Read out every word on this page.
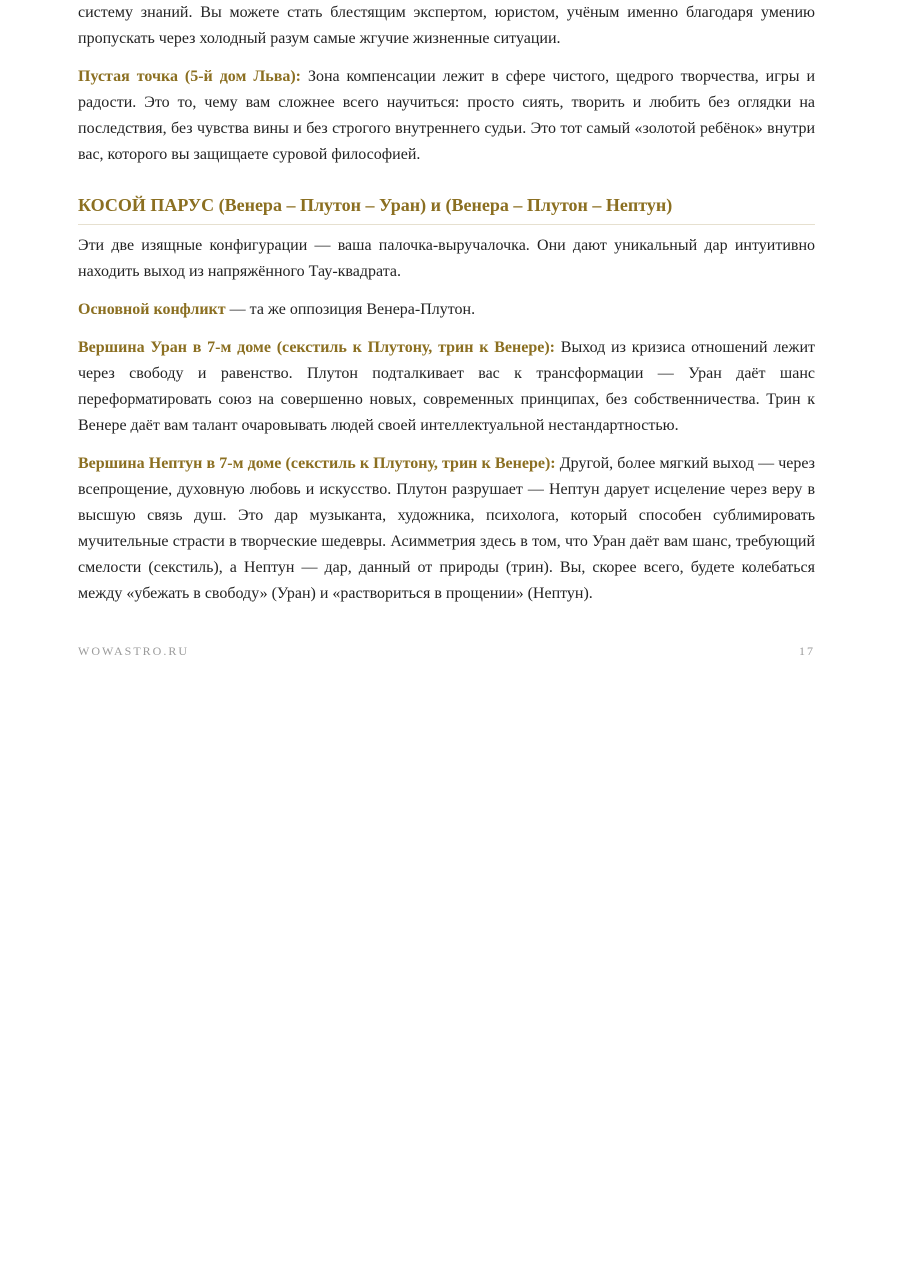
систему знаний. Вы можете стать блестящим экспертом, юристом, учёным именно благодаря умению пропускать через холодный разум самые жгучие жизненные ситуации.

Пустая точка (5-й дом Льва): Зона компенсации лежит в сфере чистого, щедрого творчества, игры и радости. Это то, чему вам сложнее всего научиться: просто сиять, творить и любить без оглядки на последствия, без чувства вины и без строгого внутреннего судьи. Это тот самый «золотой ребёнок» внутри вас, которого вы защищаете суровой философией.

КОСОЙ ПАРУС (Венера – Плутон – Уран) и (Венера – Плутон – Нептун)

Эти две изящные конфигурации — ваша палочка-выручалочка. Они дают уникальный дар интуитивно находить выход из напряжённого Тау-квадрата.

Основной конфликт — та же оппозиция Венера-Плутон.

Вершина Уран в 7-м доме (секстиль к Плутону, трин к Венере): Выход из кризиса отношений лежит через свободу и равенство. Плутон подталкивает вас к трансформации — Уран даёт шанс переформатировать союз на совершенно новых, современных принципах, без собственничества. Трин к Венере даёт вам талант очаровывать людей своей интеллектуальной нестандартностью.

Вершина Нептун в 7-м доме (секстиль к Плутону, трин к Венере): Другой, более мягкий выход — через всепрощение, духовную любовь и искусство. Плутон разрушает — Нептун дарует исцеление через веру в высшую связь душ. Это дар музыканта, художника, психолога, который способен сублимировать мучительные страсти в творческие шедевры. Асимметрия здесь в том, что Уран даёт вам шанс, требующий смелости (секстиль), а Нептун — дар, данный от природы (трин). Вы, скорее всего, будете колебаться между «убежать в свободу» (Уран) и «раствориться в прощении» (Нептун).

WOWASTRO.RU	17
